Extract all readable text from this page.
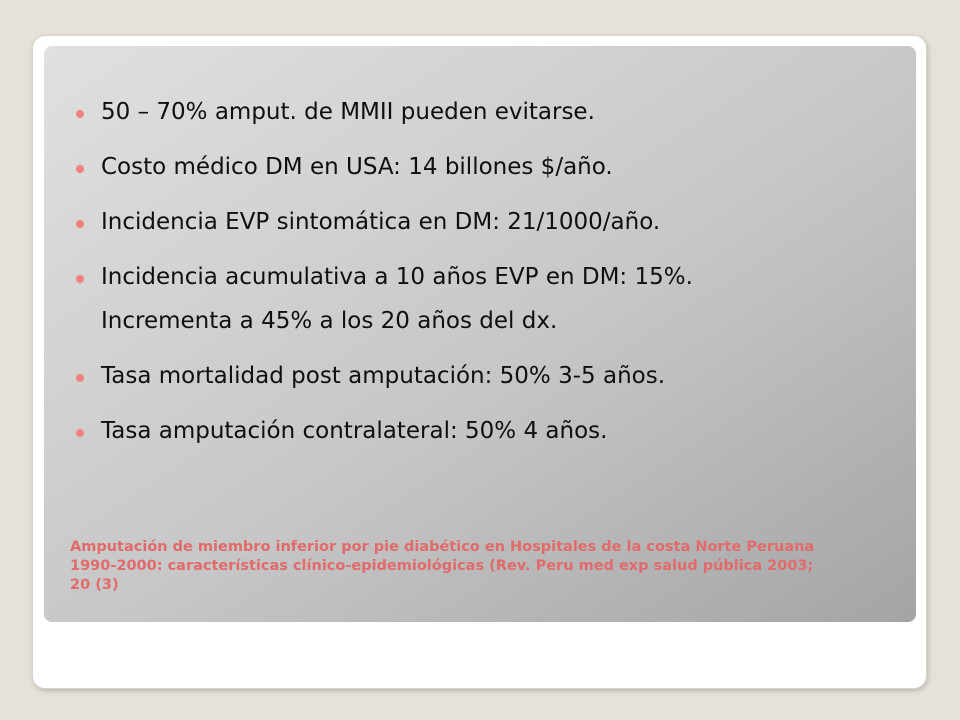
50 – 70% amput. de MMII pueden evitarse.
Costo médico DM en USA: 14 billones $/año.
Incidencia EVP sintomática en DM: 21/1000/año.
Incidencia acumulativa a 10 años EVP en DM: 15%.
Incrementa a 45% a los 20 años del dx.
Tasa mortalidad post amputación: 50% 3-5 años.
Tasa amputación contralateral: 50% 4 años.

Amputación de miembro inferior por pie diabético en Hospitales de la costa Norte Peruana
1990-2000: características clínico-epidemiológicas (Rev. Peru med exp salud pública 2003;
20 (3)
